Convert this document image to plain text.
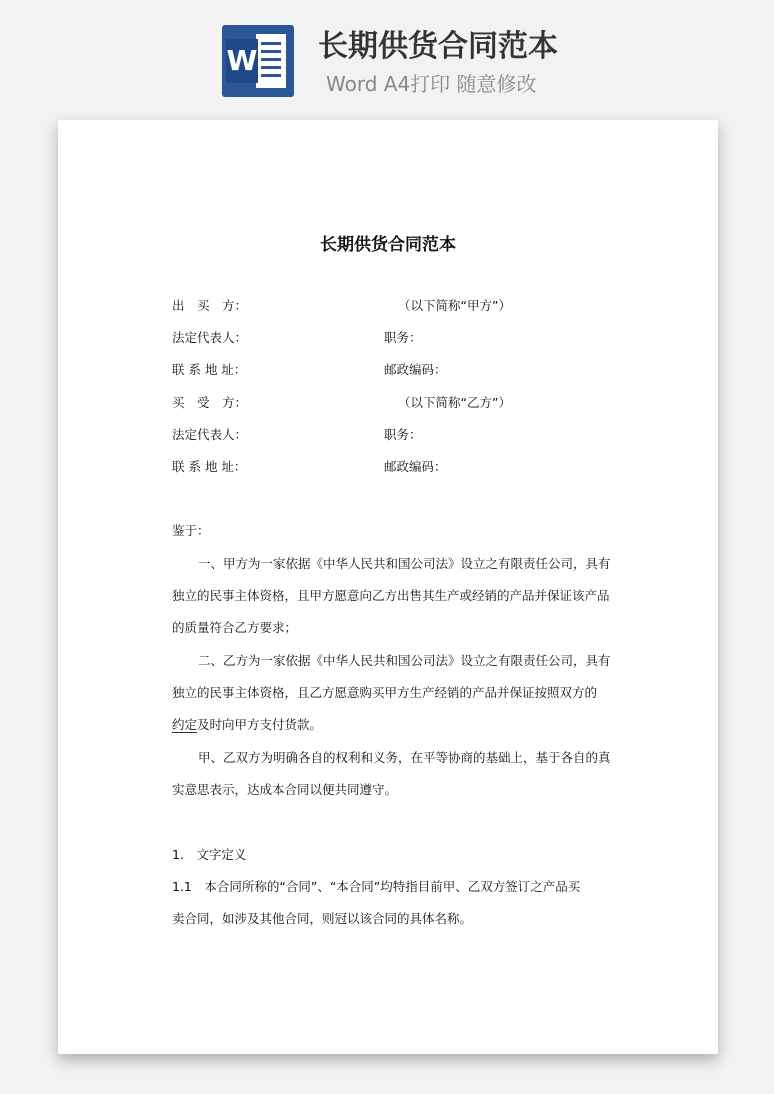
W 长期供货合同范本
Word A4打印 随意修改
长期供货合同范本
出　买　方：	（以下简称“甲方”）
法定代表人：	职务：
联 系 地 址：	邮政编码：
买　受　方：	（以下简称“乙方”）
法定代表人：	职务：
联 系 地 址：	邮政编码：
鉴于：
一、甲方为一家依据《中华人民共和国公司法》设立之有限责任公司，具有
独立的民事主体资格，且甲方愿意向乙方出售其生产或经销的产品并保证该产品
的质量符合乙方要求；
二、乙方为一家依据《中华人民共和国公司法》设立之有限责任公司，具有
独立的民事主体资格，且乙方愿意购买甲方生产经销的产品并保证按照双方的
约定及时向甲方支付货款。
甲、乙双方为明确各自的权利和义务，在平等协商的基础上，基于各自的真
实意思表示，达成本合同以便共同遵守。
1.　文字定义
1.1　本合同所称的“合同”、“本合同”均特指目前甲、乙双方签订之产品买
卖合同，如涉及其他合同，则冠以该合同的具体名称。
